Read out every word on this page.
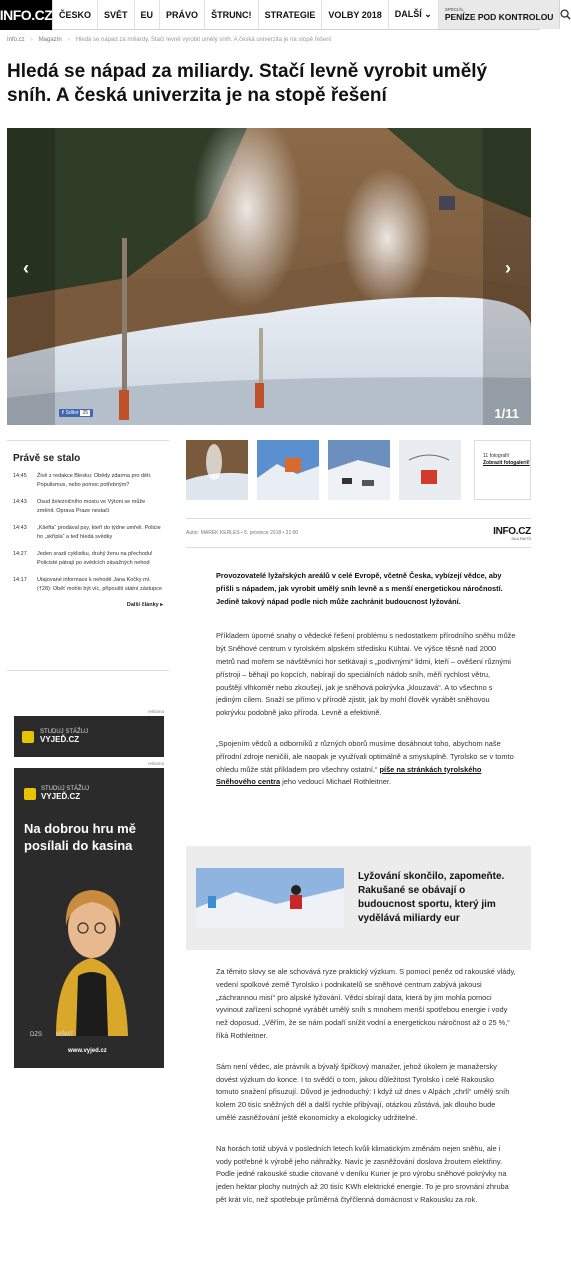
INFO.CZ ČESKO	SVĚT	EU	PRÁVO	ŠTRUNC!	STRATEGIE	VOLBY 2018	DALŠÍ ⌄	SPECIÁL
PENÍZE POD KONTROLOU
Info.cz › Magazín › Hledá se nápad za miliardy. Stačí levně vyrobit umělý sníh. A česká univerzita je na stopě řešení
Hledá se nápad za miliardy. Stačí levně vyrobit umělý sníh. A česká univerzita je na stopě řešení
‹	›
f Sdílet 25	1/11
Právě se stalo
14:45	Živě z redakce Blesku: Obědy zdarma pro děti. Populismus, nebo pomoc potřebným?
14:43	Osud železničního mostu ve Výtoni se může změnit. Oprava Praze nestačí
14:43	„Kšefta“ prodával psy, kteří do týdne umřeli. Policie ho „skřípla“ a teď hledá svědky
14:27	Jeden srazil cyklistku, druhý ženu na přechodu! Policisté pátrají po svědcích závažných nehod
14:17	Utajované informace k nehodě Jana Kočky ml. (†28): Oběť mohlo být víc, připouští státní zástupce
Další články ▸
reklama
STUDUJ STÁŽUJ
VYJEĎ.CZ
reklama
STUDUJ STÁŽUJ
VYJEĎ.CZ
Na dobrou hru mě posílali do kasina
DZS MŠMT
www.vyjed.cz
11 fotografií
Zobrazit fotogalerii!
Autor: MAREK KERLES • 5. prosince 2018 • 21:00	INFO.CZ
SILA FAKTŮ

Provozovatelé lyžařských areálů v celé Evropě, včetně Česka, vybízejí vědce, aby přišli s nápadem, jak vyrobit umělý sníh levně a s menší energetickou náročností. Jedině takový nápad podle nich může zachránit budoucnost lyžování.

Příkladem úporné snahy o vědecké řešení problému s nedostatkem přírodního sněhu může být Sněhové centrum v tyrolském alpském středisku Kühtai. Ve výšce těsně nad 2000 metrů nad mořem se návštěvníci hor setkávají s „podivnými“ lidmi, kteří – ověšení různými přístroji – běhají po kopcích, nabírají do speciálních nádob sníh, měří rychlost větru, pouštějí vlhkoměr nebo zkoušejí, jak je sněhová pokrývka „klouzavá“. A to všechno s jediným cílem. Snaží se přímo v přírodě zjistit, jak by mohl člověk vyrábět sněhovou pokrývku podobně jako příroda. Levně a efektivně.

„Spojením vědců a odborníků z různých oborů musíme dosáhnout toho, abychom naše přírodní zdroje neničili, ale naopak je využívali optimálně a smysluplně. Tyrolsko se v tomto ohledu může stát příkladem pro všechny ostatní,“ píše na stránkách tyrolského Sněhového centra jeho vedoucí Michael Rothleitner.

Lyžování skončilo, zapomeňte. Rakušané se obávají o budoucnost sportu, který jim vydělává miliardy eur

Za těmito slovy se ale schovává ryze praktický výzkum. S pomocí peněz od rakouské vlády, vedení spolkové země Tyrolsko i podnikatelů se sněhové centrum zabývá jakousi „záchrannou misí“ pro alpské lyžování. Vědci sbírají data, která by jim mohla pomoci vyvinout zařízení schopné vyrábět umělý sníh s mnohem menší spotřebou energie i vody než doposud. „Věřím, že se nám podaří snížit vodní a energetickou náročnost až o 25 %,“ říká Rothleitner.

Sám není vědec, ale právník a bývalý špičkový manažer, jehož úkolem je manažersky dovést výzkum do konce. I to svědčí o tom, jakou důležitost Tyrolsko i celé Rakousko tomuto snažení přisuzují. Důvod je jednoduchý: I když už dnes v Alpách „chrlí“ umělý sníh kolem 20 tisíc sněžných děl a další rychle přibývají, otázkou zůstává, jak dlouho bude umělé zasněžování ještě ekonomicky a ekologicky udržitelné.

Na horách totiž ubývá v posledních letech kvůli klimatickým změnám nejen sněhu, ale i vody potřebné k výrobě jeho náhražky. Navíc je zasněžování doslova žroutem elektřiny. Podle jedné rakouské studie citované v deníku Kurier je pro výrobu sněhové pokrývky na jeden hektar plochy nutných až 20 tisíc KWh elektrické energie. To je pro srovnání zhruba pět krát víc, než spotřebuje průměrná čtyřčlenná domácnost v Rakousku za rok.
